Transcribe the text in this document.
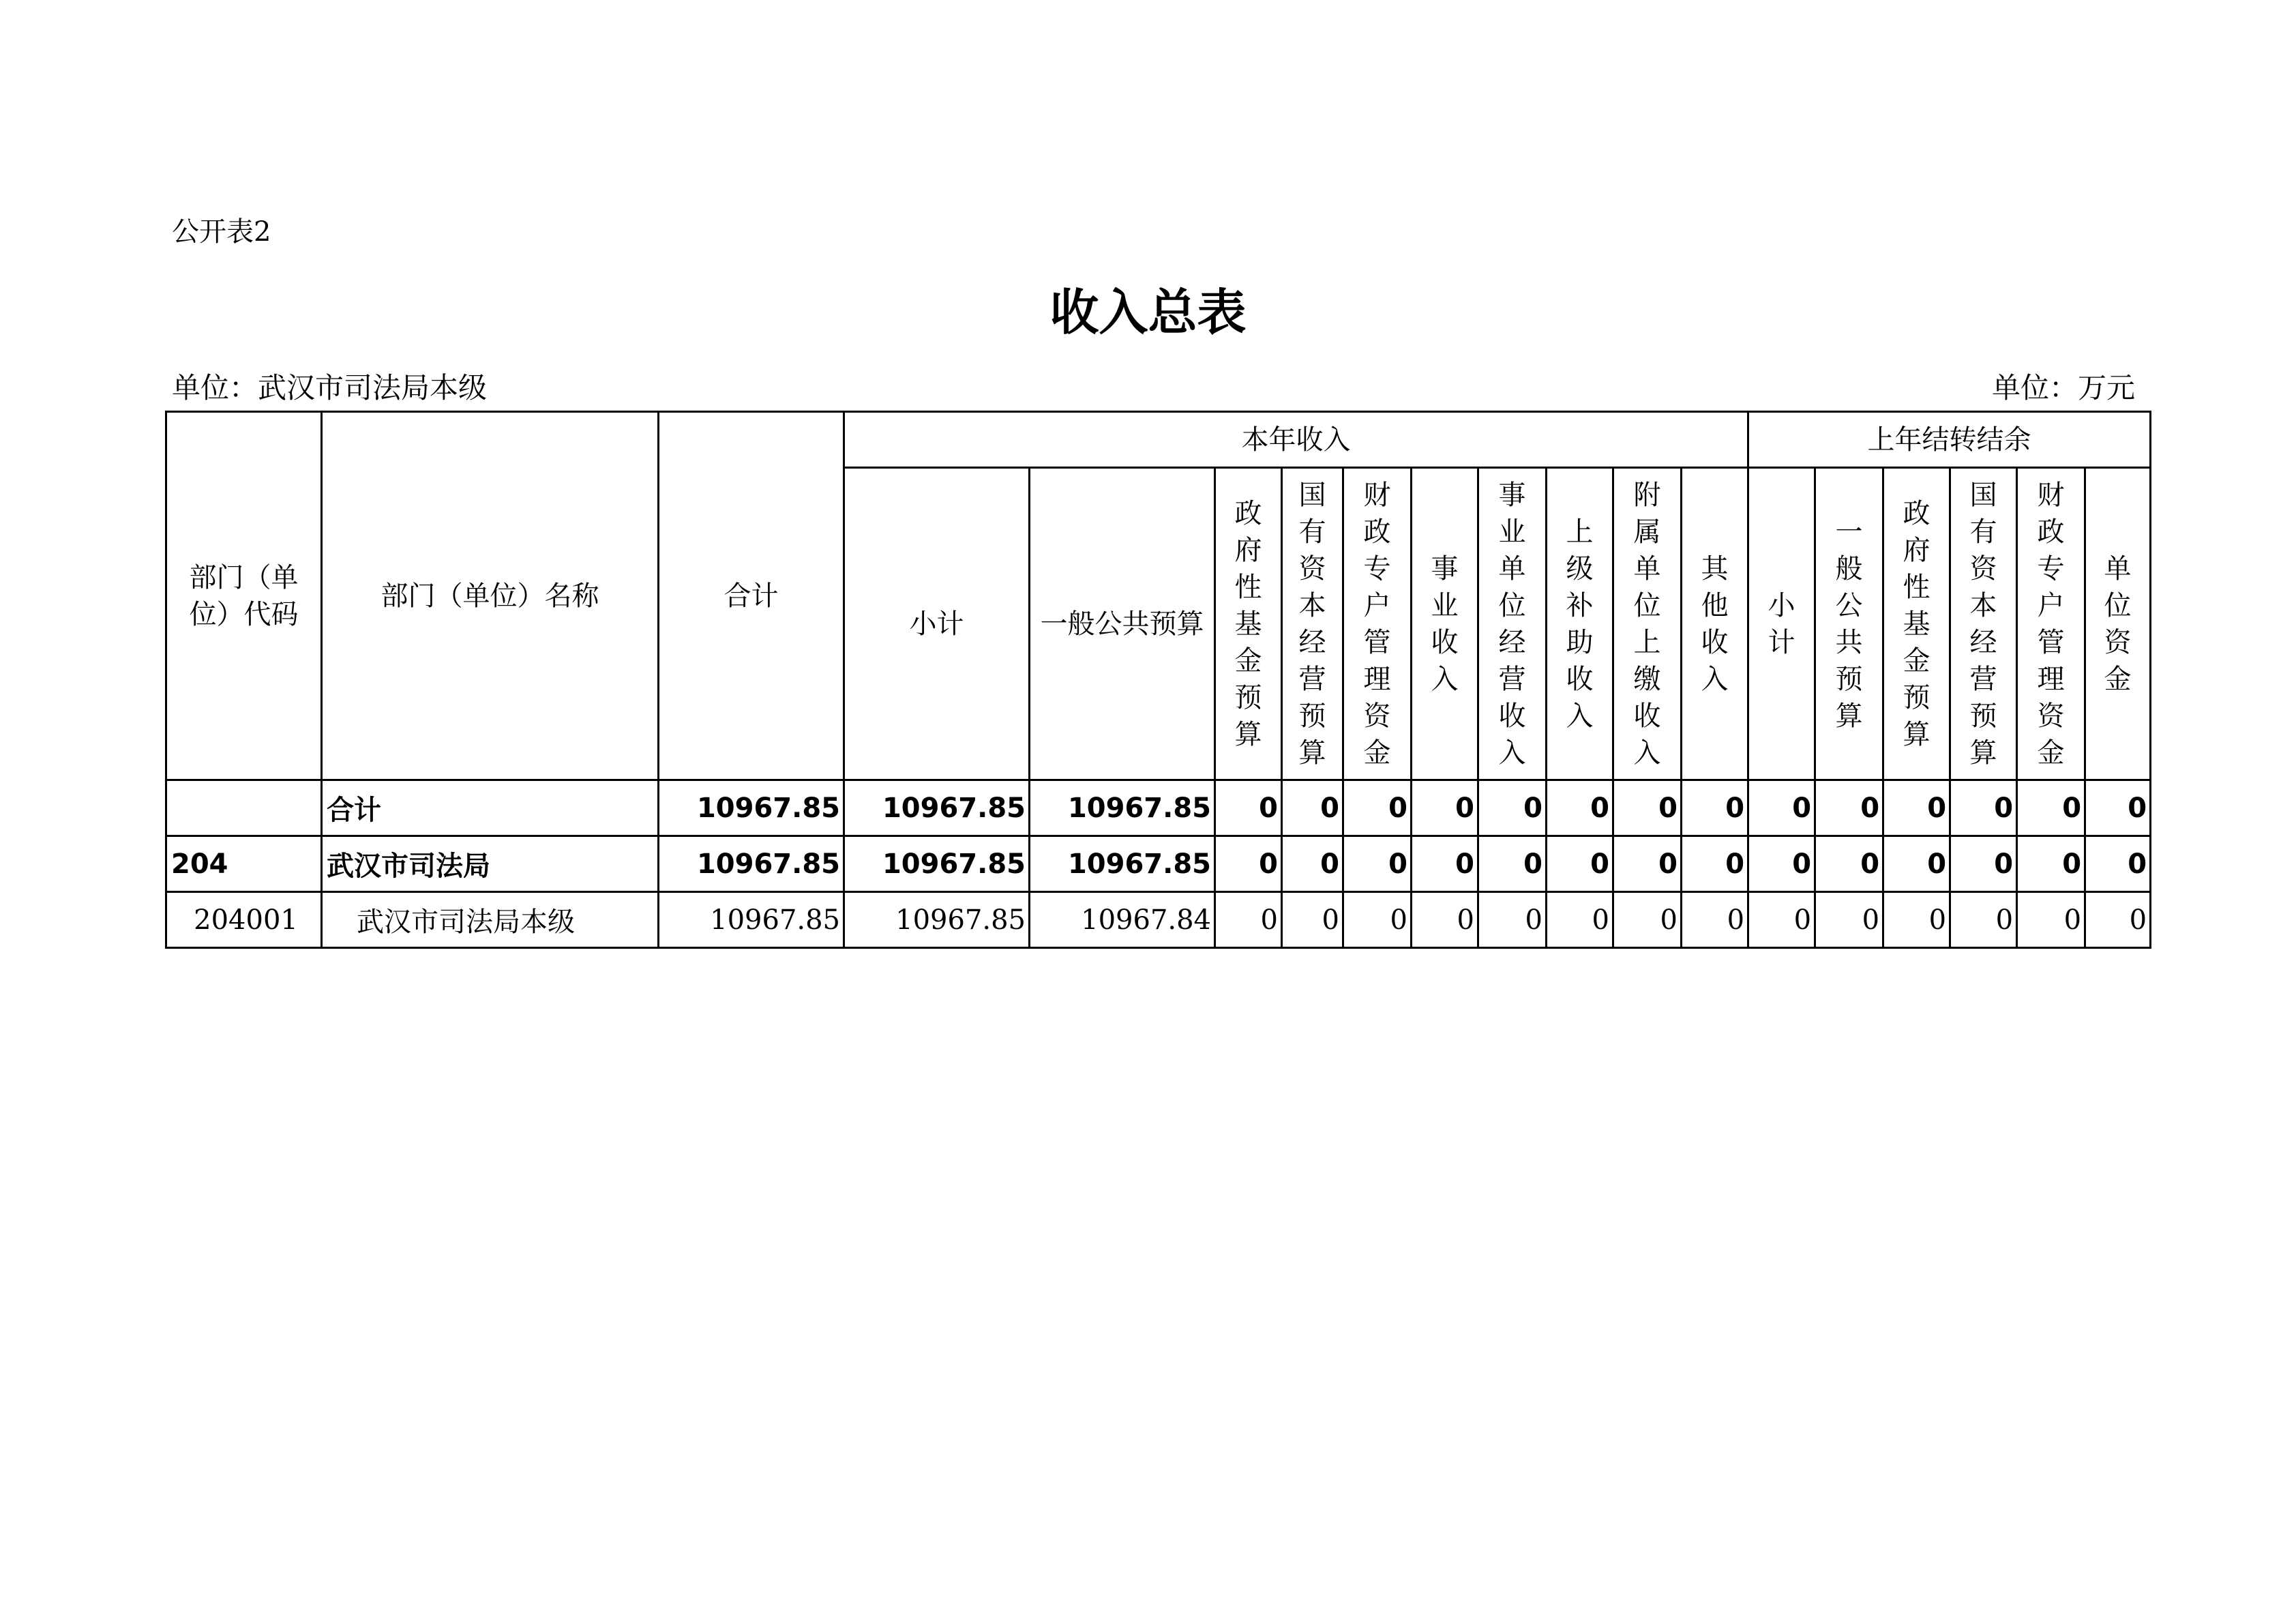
公开表2
收入总表
单位：武汉市司法局本级	单位：万元
部门（单位）代码	部门（单位）名称	合计	本年收入										上年结转结余					
			小计	一般公共预算	政府性基金预算	国有资本经营预算	财政专户管理资金	事业收入	事业单位经营收入	上级补助收入	附属单位上缴收入	其他收入	小计	一般公共预算	政府性基金预算	国有资本经营预算	财政专户管理资金	单位资金

	合计	10967.85	10967.85	10967.85	0	0	0	0	0	0	0	0	0	0	0	0	0	0
204	武汉市司法局	10967.85	10967.85	10967.85	0	0	0	0	0	0	0	0	0	0	0	0	0	0
204001	武汉市司法局本级	10967.85	10967.85	10967.84	0	0	0	0	0	0	0	0	0	0	0	0	0	0
